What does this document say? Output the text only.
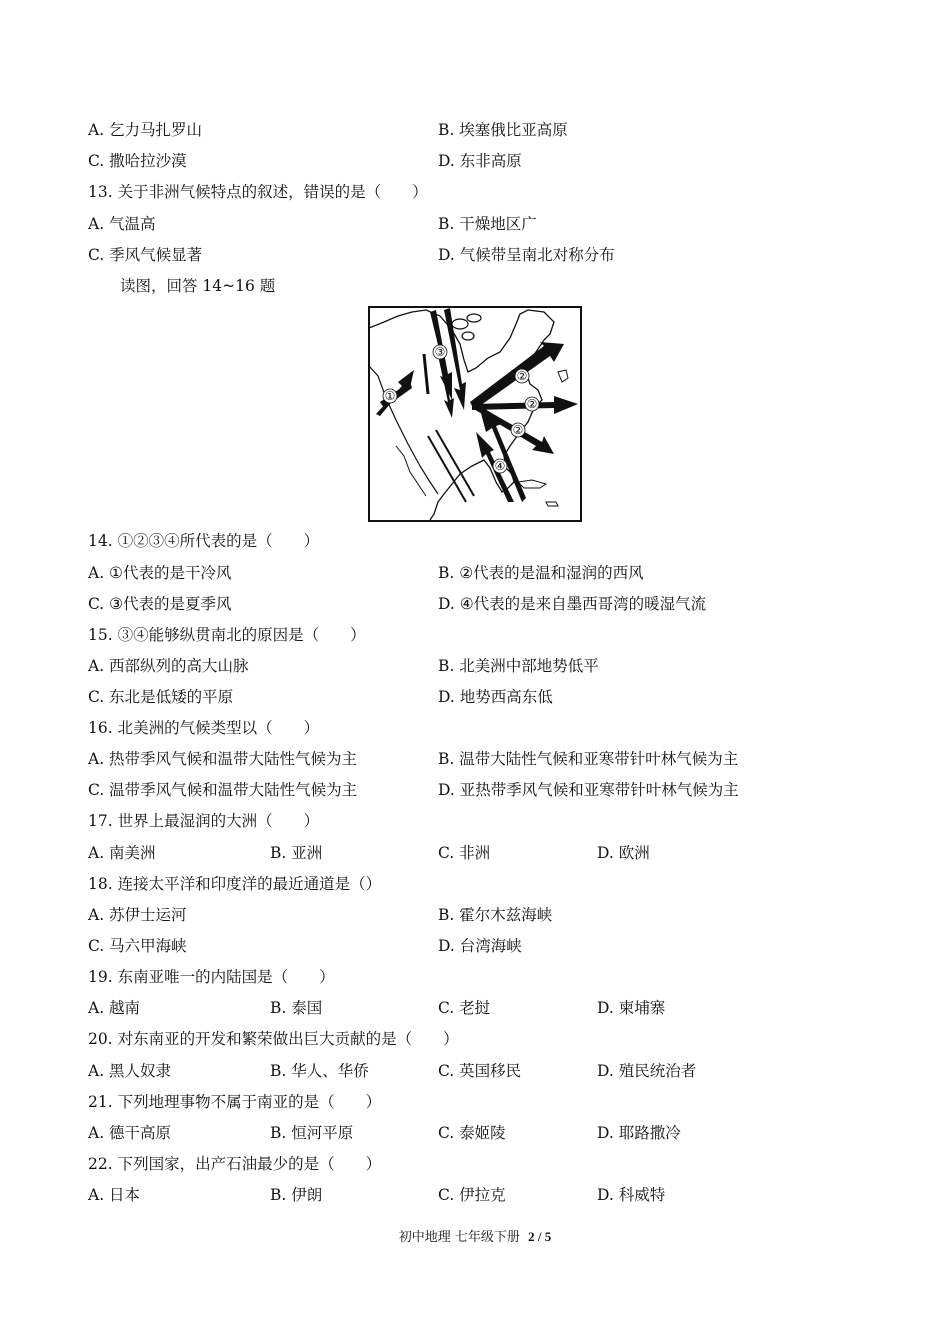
A. 乞力马扎罗山	B. 埃塞俄比亚高原
C. 撒哈拉沙漠	D. 东非高原
13. 关于非洲气候特点的叙述，错误的是（　　）
A. 气温高	B. 干燥地区广
C. 季风气候显著	D. 气候带呈南北对称分布
读图，回答 14~16 题
①
②
②
②
③
④
14. ①②③④所代表的是（　　）
A. ①代表的是干冷风	B. ②代表的是温和湿润的西风
C. ③代表的是夏季风	D. ④代表的是来自墨西哥湾的暖湿气流
15. ③④能够纵贯南北的原因是（　　）
A. 西部纵列的高大山脉	B. 北美洲中部地势低平
C. 东北是低矮的平原	D. 地势西高东低
16. 北美洲的气候类型以（　　）
A. 热带季风气候和温带大陆性气候为主	B. 温带大陆性气候和亚寒带针叶林气候为主
C. 温带季风气候和温带大陆性气候为主	D. 亚热带季风气候和亚寒带针叶林气候为主
17. 世界上最湿润的大洲（　　）
A. 南美洲	B. 亚洲	C. 非洲	D. 欧洲
18. 连接太平洋和印度洋的最近通道是（）
A. 苏伊士运河	B. 霍尔木兹海峡
C. 马六甲海峡	D. 台湾海峡
19. 东南亚唯一的内陆国是（　　）
A. 越南	B. 泰国	C. 老挝	D. 柬埔寨
20. 对东南亚的开发和繁荣做出巨大贡献的是（　　）
A. 黑人奴隶	B. 华人、华侨	C. 英国移民	D. 殖民统治者
21. 下列地理事物不属于南亚的是（　　）
A. 德干高原	B. 恒河平原	C. 泰姬陵	D. 耶路撒冷
22. 下列国家，出产石油最少的是（　　）
A. 日本	B. 伊朗	C. 伊拉克	D. 科威特
初中地理 七年级下册 2 / 5
